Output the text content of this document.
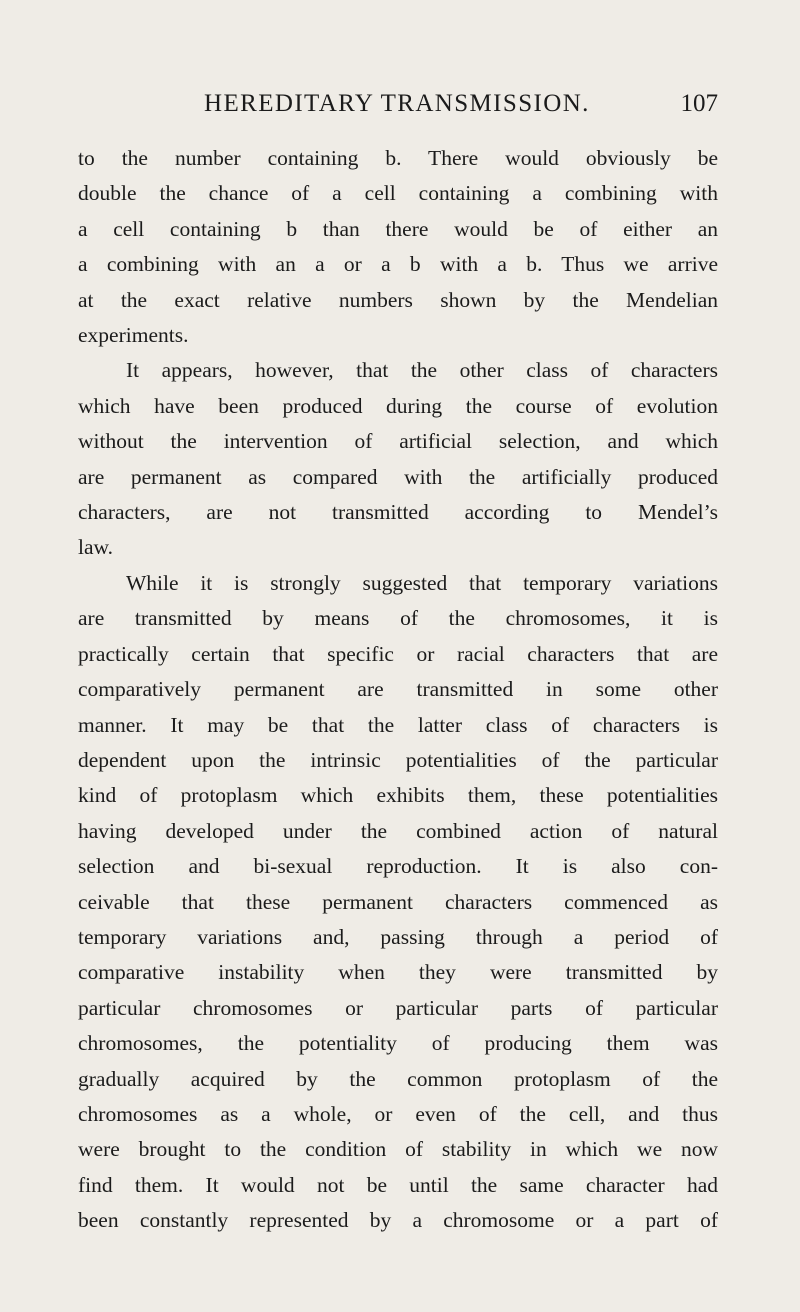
HEREDITARY TRANSMISSION.	107
to the number containing b. There would obviously be
double the chance of a cell containing a combining with
a cell containing b than there would be of either an
a combining with an a or a b with a b. Thus we arrive
at the exact relative numbers shown by the Mendelian
experiments.
It appears, however, that the other class of characters
which have been produced during the course of evolution
without the intervention of artificial selection, and which
are permanent as compared with the artificially produced
characters, are not transmitted according to Mendel’s
law.
While it is strongly suggested that temporary variations
are transmitted by means of the chromosomes, it is
practically certain that specific or racial characters that are
comparatively permanent are transmitted in some other
manner. It may be that the latter class of characters is
dependent upon the intrinsic potentialities of the particular
kind of protoplasm which exhibits them, these potentialities
having developed under the combined action of natural
selection and bi-sexual reproduction. It is also con-
ceivable that these permanent characters commenced as
temporary variations and, passing through a period of
comparative instability when they were transmitted by
particular chromosomes or particular parts of particular
chromosomes, the potentiality of producing them was
gradually acquired by the common protoplasm of the
chromosomes as a whole, or even of the cell, and thus
were brought to the condition of stability in which we now
find them. It would not be until the same character had
been constantly represented by a chromosome or a part of
